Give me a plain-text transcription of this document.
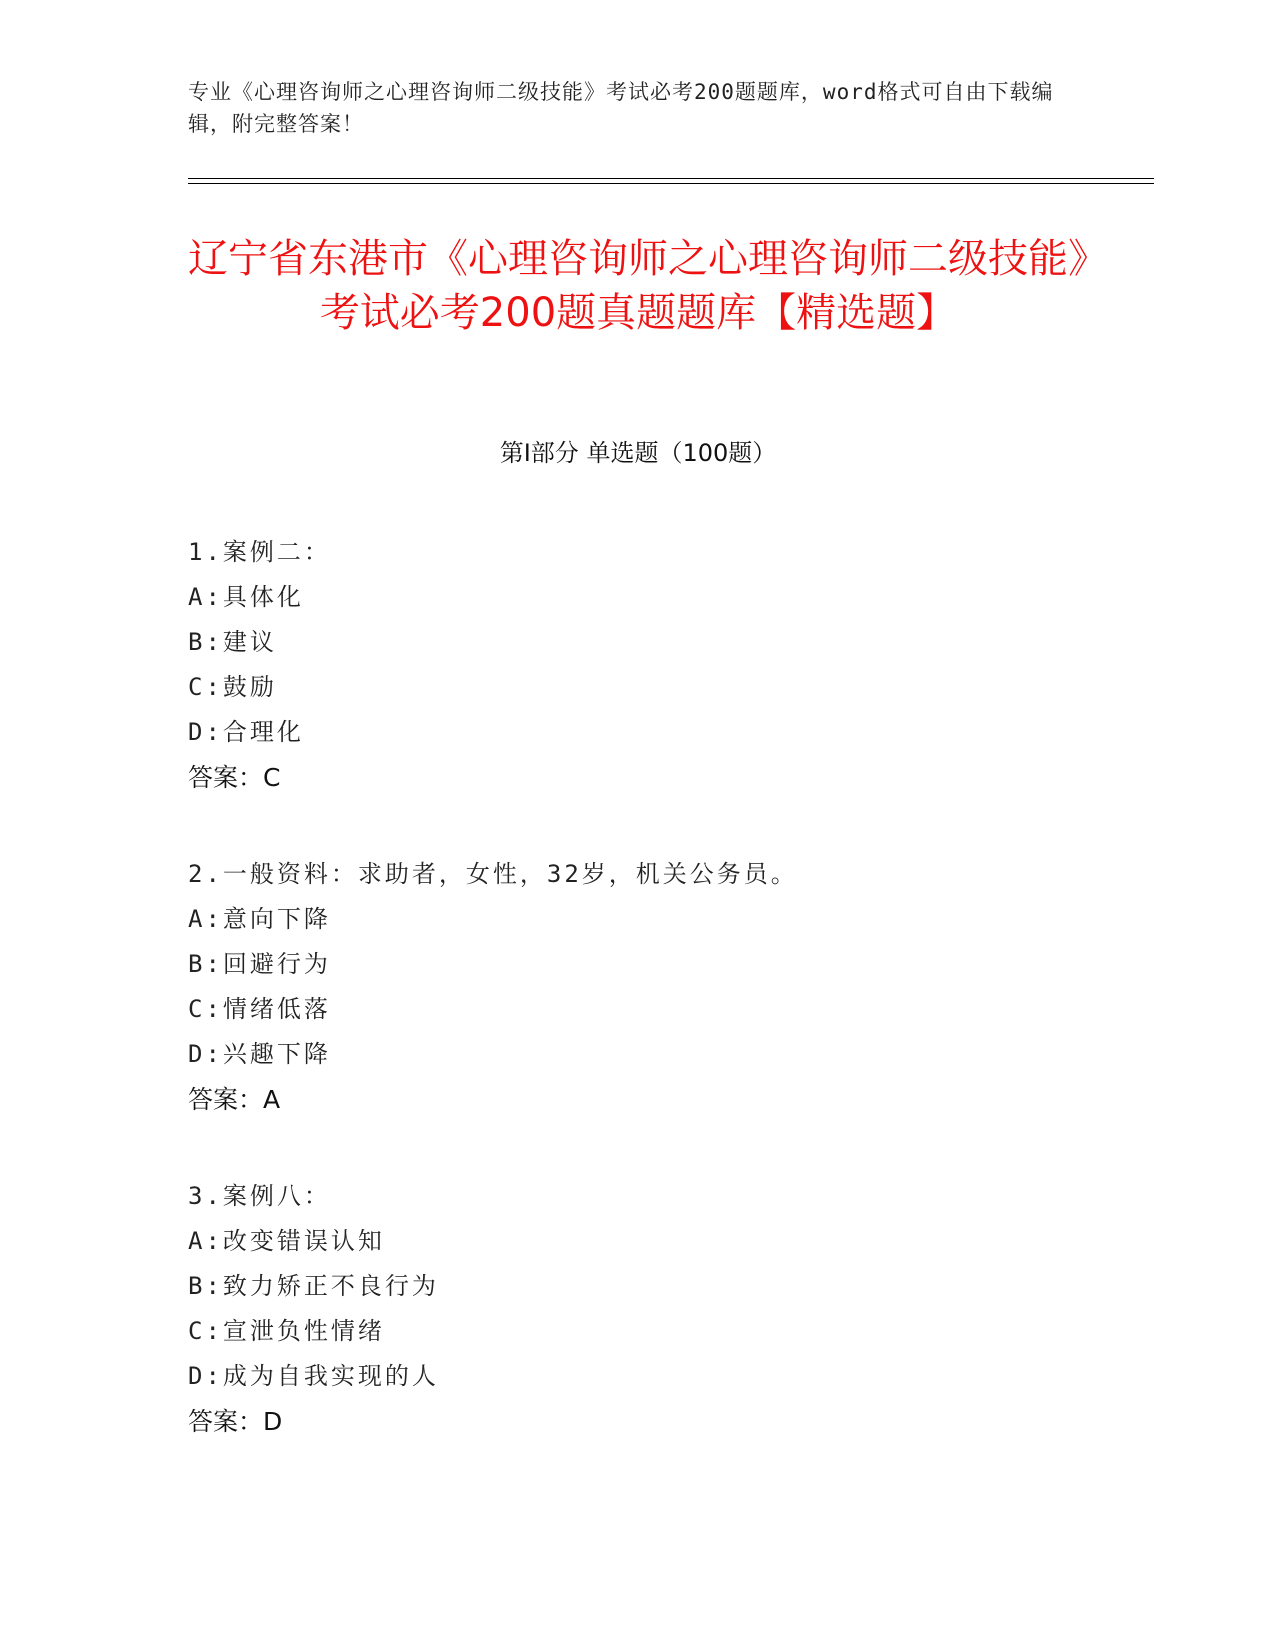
专业《心理咨询师之心理咨询师二级技能》考试必考200题题库，word格式可自由下载编辑，附完整答案！
辽宁省东港市《心理咨询师之心理咨询师二级技能》考试必考200题真题题库【精选题】
第I部分 单选题（100题）
1.案例二：
A:具体化
B:建议
C:鼓励
D:合理化
答案：C
2.一般资料：求助者，女性，32岁，机关公务员。
A:意向下降
B:回避行为
C:情绪低落
D:兴趣下降
答案：A
3.案例八：
A:改变错误认知
B:致力矫正不良行为
C:宣泄负性情绪
D:成为自我实现的人
答案：D
